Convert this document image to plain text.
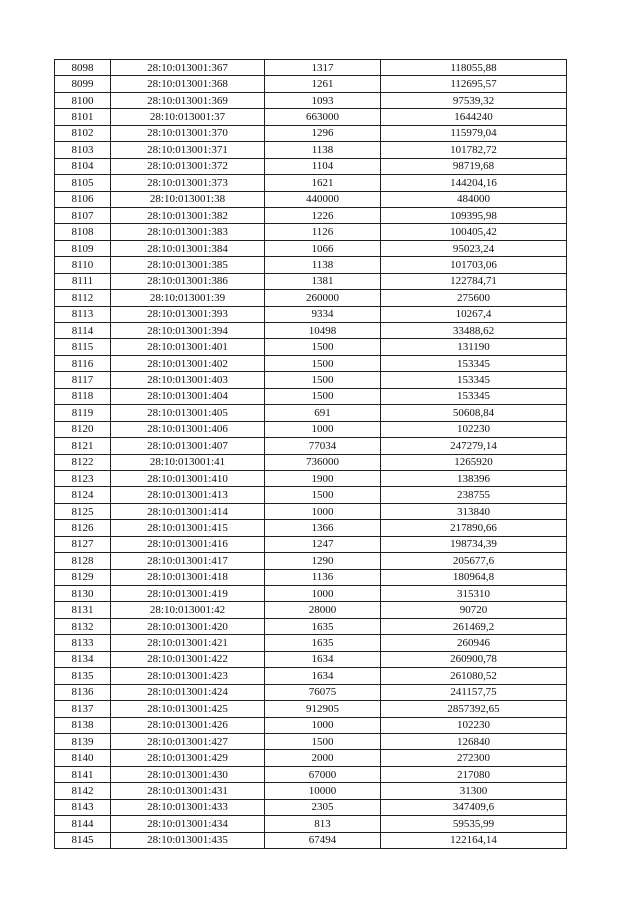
8098	28:10:013001:367	1317	118055,88
8099	28:10:013001:368	1261	112695,57
8100	28:10:013001:369	1093	97539,32
8101	28:10:013001:37	663000	1644240
8102	28:10:013001:370	1296	115979,04
8103	28:10:013001:371	1138	101782,72
8104	28:10:013001:372	1104	98719,68
8105	28:10:013001:373	1621	144204,16
8106	28:10:013001:38	440000	484000
8107	28:10:013001:382	1226	109395,98
8108	28:10:013001:383	1126	100405,42
8109	28:10:013001:384	1066	95023,24
8110	28:10:013001:385	1138	101703,06
8111	28:10:013001:386	1381	122784,71
8112	28:10:013001:39	260000	275600
8113	28:10:013001:393	9334	10267,4
8114	28:10:013001:394	10498	33488,62
8115	28:10:013001:401	1500	131190
8116	28:10:013001:402	1500	153345
8117	28:10:013001:403	1500	153345
8118	28:10:013001:404	1500	153345
8119	28:10:013001:405	691	50608,84
8120	28:10:013001:406	1000	102230
8121	28:10:013001:407	77034	247279,14
8122	28:10:013001:41	736000	1265920
8123	28:10:013001:410	1900	138396
8124	28:10:013001:413	1500	238755
8125	28:10:013001:414	1000	313840
8126	28:10:013001:415	1366	217890,66
8127	28:10:013001:416	1247	198734,39
8128	28:10:013001:417	1290	205677,6
8129	28:10:013001:418	1136	180964,8
8130	28:10:013001:419	1000	315310
8131	28:10:013001:42	28000	90720
8132	28:10:013001:420	1635	261469,2
8133	28:10:013001:421	1635	260946
8134	28:10:013001:422	1634	260900,78
8135	28:10:013001:423	1634	261080,52
8136	28:10:013001:424	76075	241157,75
8137	28:10:013001:425	912905	2857392,65
8138	28:10:013001:426	1000	102230
8139	28:10:013001:427	1500	126840
8140	28:10:013001:429	2000	272300
8141	28:10:013001:430	67000	217080
8142	28:10:013001:431	10000	31300
8143	28:10:013001:433	2305	347409,6
8144	28:10:013001:434	813	59535,99
8145	28:10:013001:435	67494	122164,14
